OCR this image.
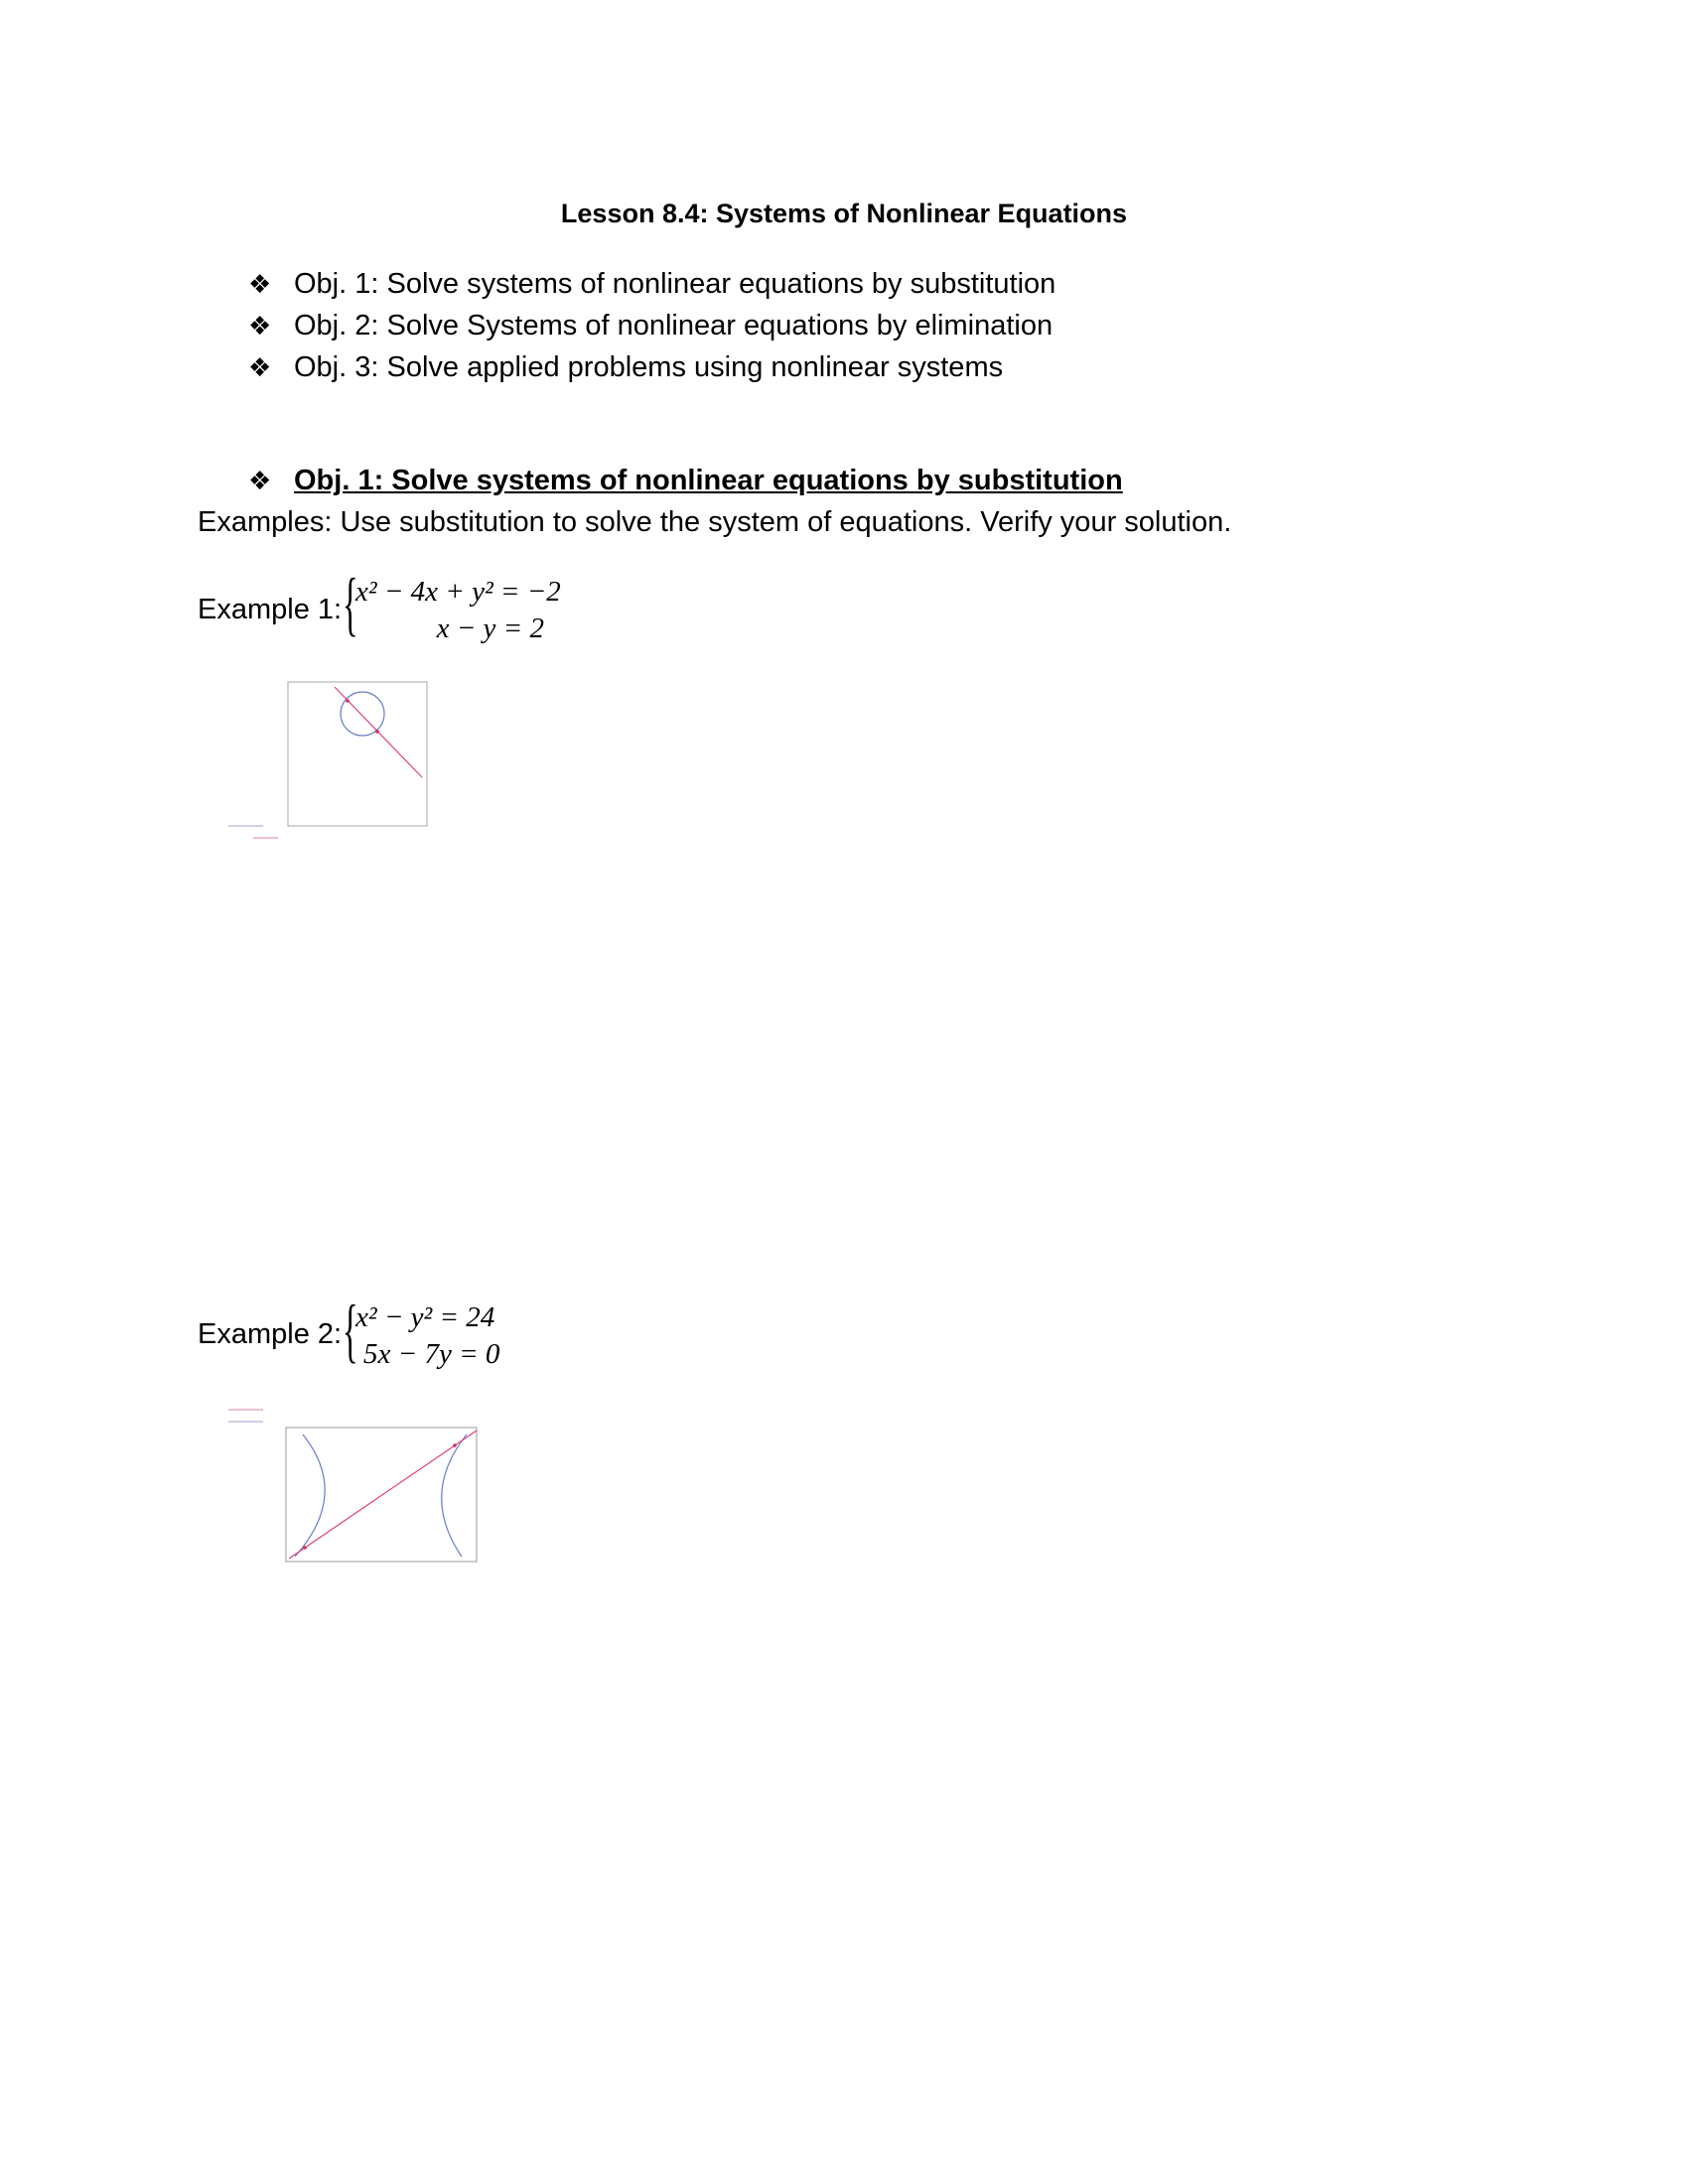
Lesson 8.4: Systems of Nonlinear Equations
❖ Obj. 1: Solve systems of nonlinear equations by substitution
❖ Obj. 2: Solve Systems of nonlinear equations by elimination
❖ Obj. 3: Solve applied problems using nonlinear systems
❖ Obj. 1: Solve systems of nonlinear equations by substitution
Examples: Use substitution to solve the system of equations. Verify your solution.
Example 1: {
x² − 4x + y² = −2
x − y = 2
Example 2: {
x² − y² = 24
5x − 7y = 0
